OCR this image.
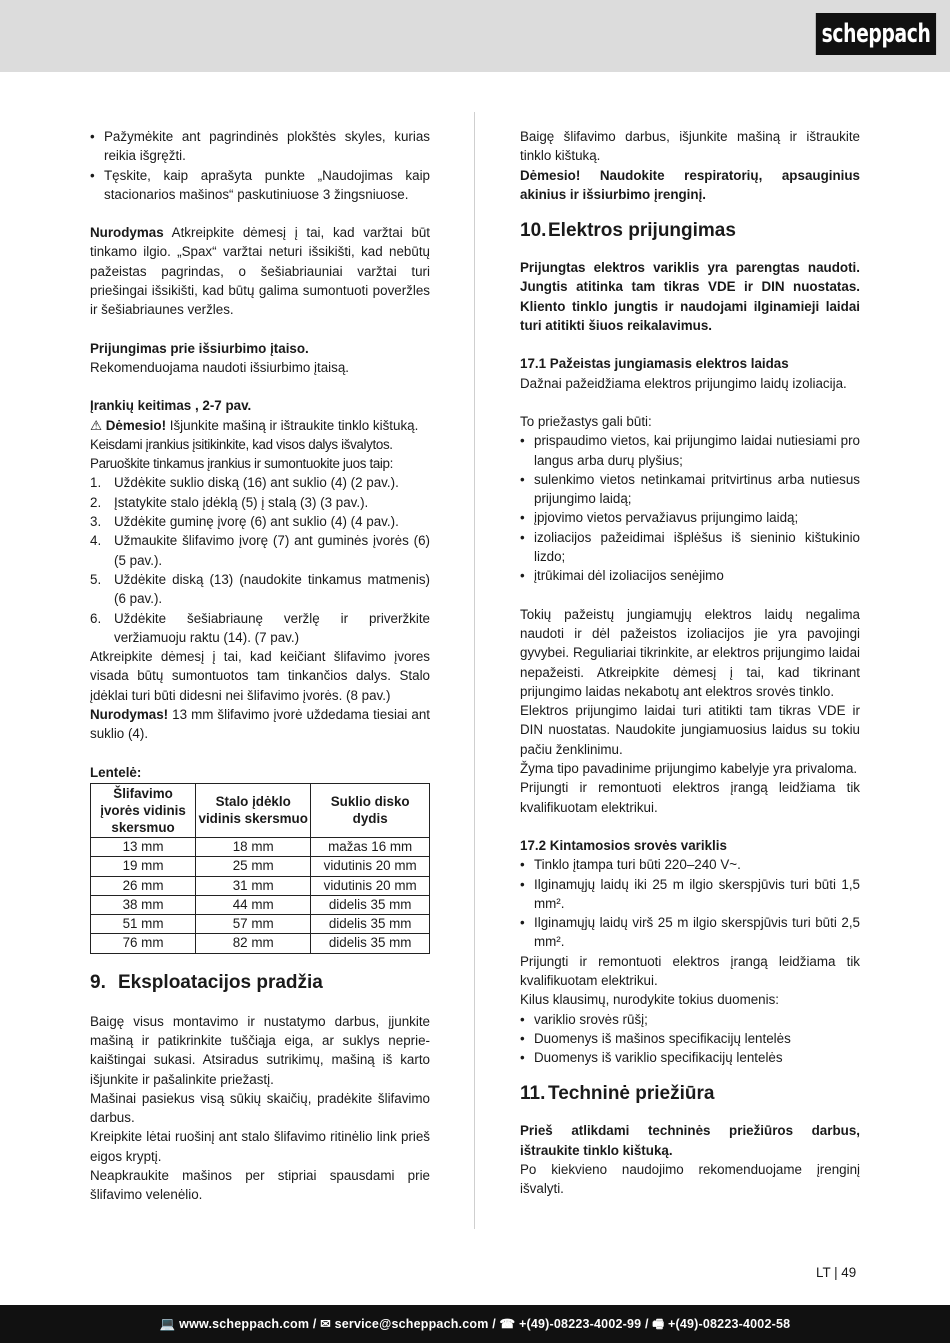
scheppach
• Pažymėkite ant pagrindinės plokštės skyles, kurias reikia išgręžti.
• Tęskite, kaip aprašyta punkte „Naudojimas kaip stacionarios mašinos“ paskutiniuose 3 žingsniuose.

Nurodymas Atkreipkite dėmesį į tai, kad varžtai būt tinkamo ilgio. „Spax“ varžtai neturi išsikišti, kad nebūtų pažeistas pagrindas, o šešiabriauniai varžtai turi priešingai išsikišti, kad būtų galima sumontuoti poveržles ir šešiabriaunes veržles.

Prijungimas prie išsiurbimo įtaiso.

Rekomenduojama naudoti išsiurbimo įtaisą.

Įrankių keitimas , 2-7 pav.

⚠ Dėmesio! Išjunkite mašiną ir ištraukite tinklo kištuką.

Keisdami įrankius įsitikinkite, kad visos dalys išvalytos.

Paruoškite tinkamus įrankius ir sumontuokite juos taip:

1. Uždėkite suklio diską (16) ant suklio (4) (2 pav.).
2. Įstatykite stalo įdėklą (5) į stalą (3) (3 pav.).
3. Uždėkite guminę įvorę (6) ant suklio (4) (4 pav.).
4. Užmaukite šlifavimo įvorę (7) ant guminės įvorės (6) (5 pav.).
5. Uždėkite diską (13) (naudokite tinkamus matmenis) (6 pav.).
6. Uždėkite šešiabriaunę veržlę ir priveržkite veržiamuoju raktu (14). (7 pav.)

Atkreipkite dėmesį į tai, kad keičiant šlifavimo įvores visada būtų sumontuotos tam tinkančios dalys. Stalo įdėklai turi būti didesni nei šlifavimo įvorės. (8 pav.)

Nurodymas! 13 mm šlifavimo įvorė uždedama tiesiai ant suklio (4).

Lentelė:

Šlifavimo įvorės vidinis skersmuo	Stalo įdėklo vidinis skersmuo	Suklio disko dydis
13 mm	18 mm	mažas 16 mm
19 mm	25 mm	vidutinis 20 mm
26 mm	31 mm	vidutinis 20 mm
38 mm	44 mm	didelis 35 mm
51 mm	57 mm	didelis 35 mm
76 mm	82 mm	didelis 35 mm
9. Eksploatacijos pradžia

Baigę visus montavimo ir nustatymo darbus, įjunkite mašiną ir patikrinkite tuščiąja eiga, ar suklys nepriekaištingai sukasi. Atsiradus sutrikimų, mašiną iš karto išjunkite ir pašalinkite priežastį.

Mašinai pasiekus visą sūkių skaičių, pradėkite šlifavimo darbus.

Kreipkite lėtai ruošinį ant stalo šlifavimo ritinėlio link prieš eigos kryptį.

Neapkraukite mašinos per stipriai spausdami prie šlifavimo velenėlio.

Baigę šlifavimo darbus, išjunkite mašiną ir ištraukite tinklo kištuką.

Dėmesio! Naudokite respiratorių, apsauginius akinius ir išsiurbimo įrenginį.

10.Elektros prijungimas

Prijungtas elektros variklis yra parengtas naudoti. Jungtis atitinka tam tikras VDE ir DIN nuostatas. Kliento tinklo jungtis ir naudojami ilginamieji laidai turi atitikti šiuos reikalavimus.

17.1 Pažeistas jungiamasis elektros laidas

Dažnai pažeidžiama elektros prijungimo laidų izoliacija.

To priežastys gali būti:

• prispaudimo vietos, kai prijungimo laidai nutiesiami pro langus arba durų plyšius;
• sulenkimo vietos netinkamai pritvirtinus arba nutiesus prijungimo laidą;
• įpjovimo vietos pervažiavus prijungimo laidą;
• izoliacijos pažeidimai išplėšus iš sieninio kištukinio lizdo;
• įtrūkimai dėl izoliacijos senėjimo

Tokių pažeistų jungiamųjų elektros laidų negalima naudoti ir dėl pažeistos izoliacijos jie yra pavojingi gyvybei. Reguliariai tikrinkite, ar elektros prijungimo laidai nepažeisti. Atkreipkite dėmesį į tai, kad tikrinant prijungimo laidas nekabotų ant elektros srovės tinklo.

Elektros prijungimo laidai turi atitikti tam tikras VDE ir DIN nuostatas. Naudokite jungiamuosius laidus su tokiu pačiu ženklinimu.

Žyma tipo pavadinime prijungimo kabelyje yra privaloma.

Prijungti ir remontuoti elektros įrangą leidžiama tik kvalifikuotam elektrikui.

17.2 Kintamosios srovės variklis

• Tinklo įtampa turi būti 220–240 V~.
• Ilginamųjų laidų iki 25 m ilgio skerspjūvis turi būti 1,5 mm².
• Ilginamųjų laidų virš 25 m ilgio skerspjūvis turi būti 2,5 mm².

Prijungti ir remontuoti elektros įrangą leidžiama tik kvalifikuotam elektrikui.

Kilus klausimų, nurodykite tokius duomenis:

• variklio srovės rūšį;
• Duomenys iš mašinos specifikacijų lentelės
• Duomenys iš variklio specifikacijų lentelės
11. Techninė priežiūra

Prieš atlikdami techninės priežiūros darbus, ištraukite tinklo kištuką.

Po kiekvieno naudojimo rekomenduojame įrenginį išvalyti.

LT | 49
💻 www.scheppach.com / ✉ service@scheppach.com / ☎ +(49)-08223-4002-99 / 🖷 +(49)-08223-4002-58
